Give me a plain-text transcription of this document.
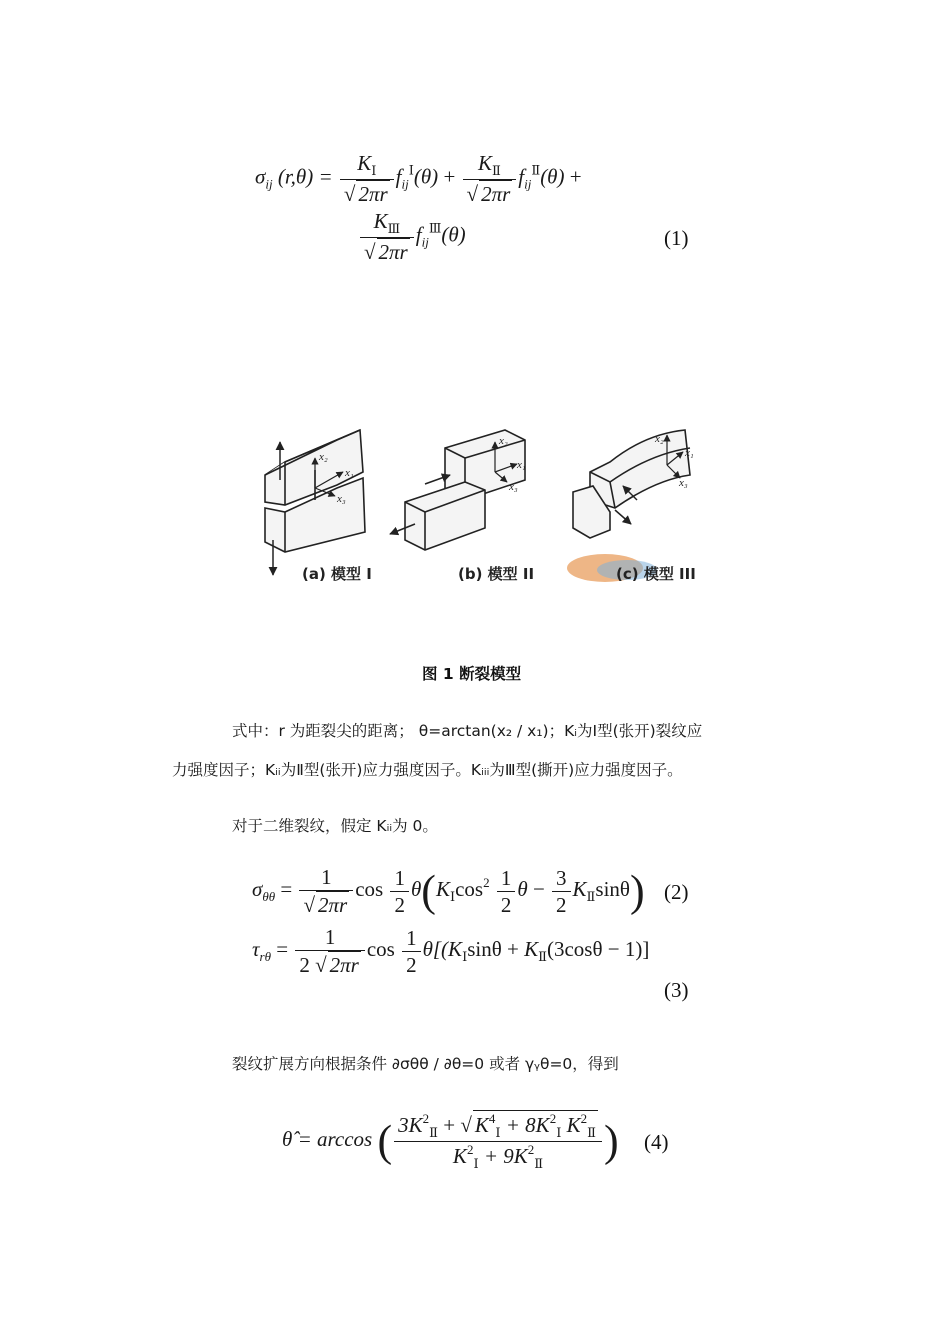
$\sigma_{ij}$ $(r,\theta) = \frac{K_Ⅰ}{√ 2\pi r} f_{ij}^Ⅰ(\theta) + \frac{K_Ⅱ}{√ 2\pi r} f_{ij}^Ⅱ(\theta)$ +
$\frac{K_Ⅲ}{√ 2\pi r} f_{ij}^Ⅲ(\theta)$	(1)
x₂
x₁
x₃
x₂
x₁
x₃
x₂
x₁
x₃
(a) 模型 I	(b) 模型 II	(c) 模型 III
图 1 断裂模型
式中：r 为距裂尖的距离； θ=arctan(x₂ / x₁)；Kᵢ为Ⅰ型(张开)裂纹应
力强度因子；Kᵢᵢ为Ⅱ型(张开)应力强度因子。Kᵢᵢᵢ为Ⅲ型(撕开)应力强度因子。
对于二维裂纹，假定 Kᵢᵢ为 0。
$\sigma_{\theta\theta} = \frac{1}{√ 2\pi r}$ $\cos \frac{1}{2} \theta(K_Ⅰ\cos^2 \frac{1}{2}$ $\theta - \frac{3}{2} K_Ⅱ\sin\theta$) (2)
$\tau_{r\theta} = \frac{1}{2 √ 2\pi r}$ $\cos \frac{1}{2} \theta[(K_Ⅰ\sin\theta + K_Ⅱ(3\cos\theta - 1)]$
(3)
裂纹扩展方向根据条件 ∂σθθ / ∂θ=0 或者 γᵧθ=0，得到
θ̂ = arccos ( $\frac{3K^2_Ⅱ + √ K^4_Ⅰ + 8K^2_Ⅰ K^2_Ⅱ}{K^2_Ⅰ + 9K^2_Ⅱ}$ ) (4)
